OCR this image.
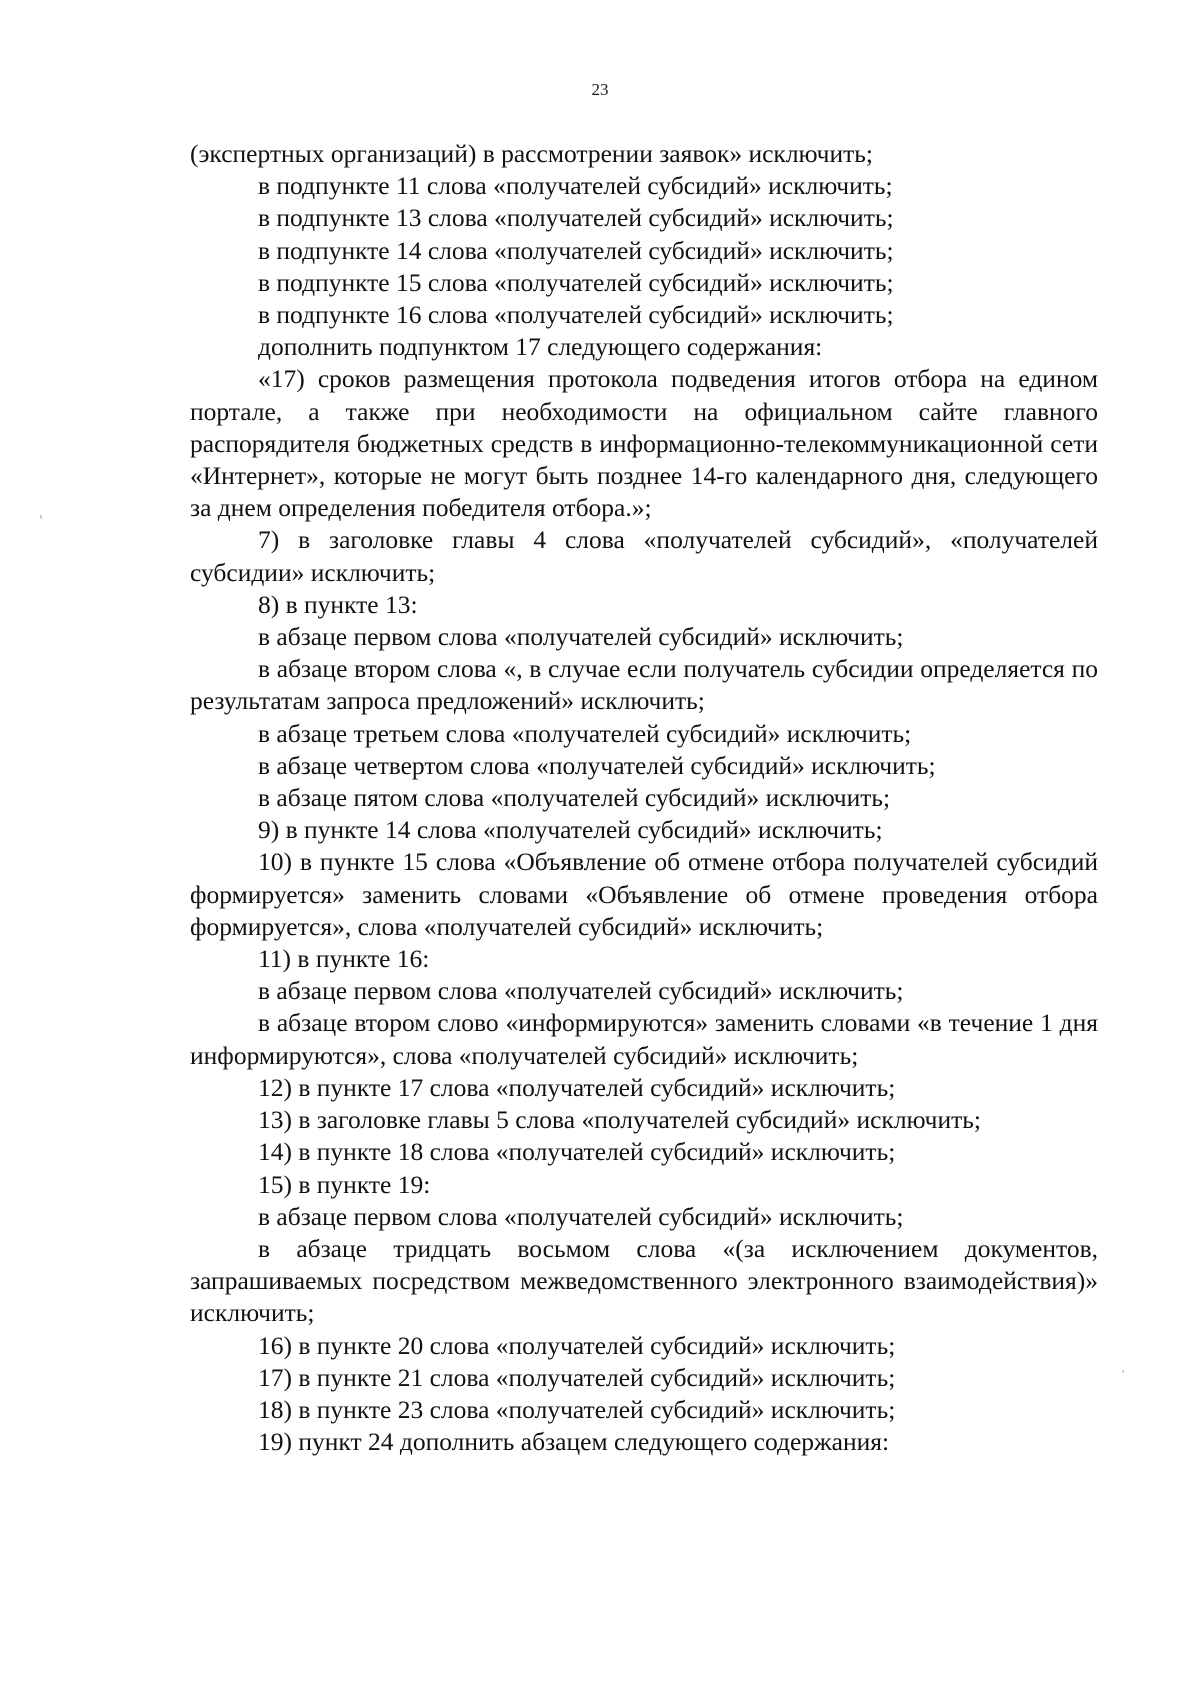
23

(экспертных организаций) в рассмотрении заявок» исключить;

в подпункте 11 слова «получателей субсидий» исключить;

в подпункте 13 слова «получателей субсидий» исключить;

в подпункте 14 слова «получателей субсидий» исключить;

в подпункте 15 слова «получателей субсидий» исключить;

в подпункте 16 слова «получателей субсидий» исключить;

дополнить подпунктом 17 следующего содержания:

«17) сроков размещения протокола подведения итогов отбора на едином портале, а также при необходимости на официальном сайте главного распорядителя бюджетных средств в информационно-телекоммуникационной сети «Интернет», которые не могут быть позднее 14-го календарного дня, следующего за днем определения победителя отбора.»;

7) в заголовке главы 4 слова «получателей субсидий», «получателей субсидии» исключить;

8) в пункте 13:

в абзаце первом слова «получателей субсидий» исключить;

в абзаце втором слова «, в случае если получатель субсидии определяется по результатам запроса предложений» исключить;

в абзаце третьем слова «получателей субсидий» исключить;

в абзаце четвертом слова «получателей субсидий» исключить;

в абзаце пятом слова «получателей субсидий» исключить;

9) в пункте 14 слова «получателей субсидий» исключить;

10) в пункте 15 слова «Объявление об отмене отбора получателей субсидий формируется» заменить словами «Объявление об отмене проведения отбора формируется», слова «получателей субсидий» исключить;

11) в пункте 16:

в абзаце первом слова «получателей субсидий» исключить;

в абзаце втором слово «информируются» заменить словами «в течение 1 дня информируются», слова «получателей субсидий» исключить;

12) в пункте 17 слова «получателей субсидий» исключить;

13) в заголовке главы 5 слова «получателей субсидий» исключить;

14) в пункте 18 слова «получателей субсидий» исключить;

15) в пункте 19:

в абзаце первом слова «получателей субсидий» исключить;

в абзаце тридцать восьмом слова «(за исключением документов, запрашиваемых посредством межведомственного электронного взаимодействия)» исключить;

16) в пункте 20 слова «получателей субсидий» исключить;

17) в пункте 21 слова «получателей субсидий» исключить;

18) в пункте 23 слова «получателей субсидий» исключить;

19) пункт 24 дополнить абзацем следующего содержания:
